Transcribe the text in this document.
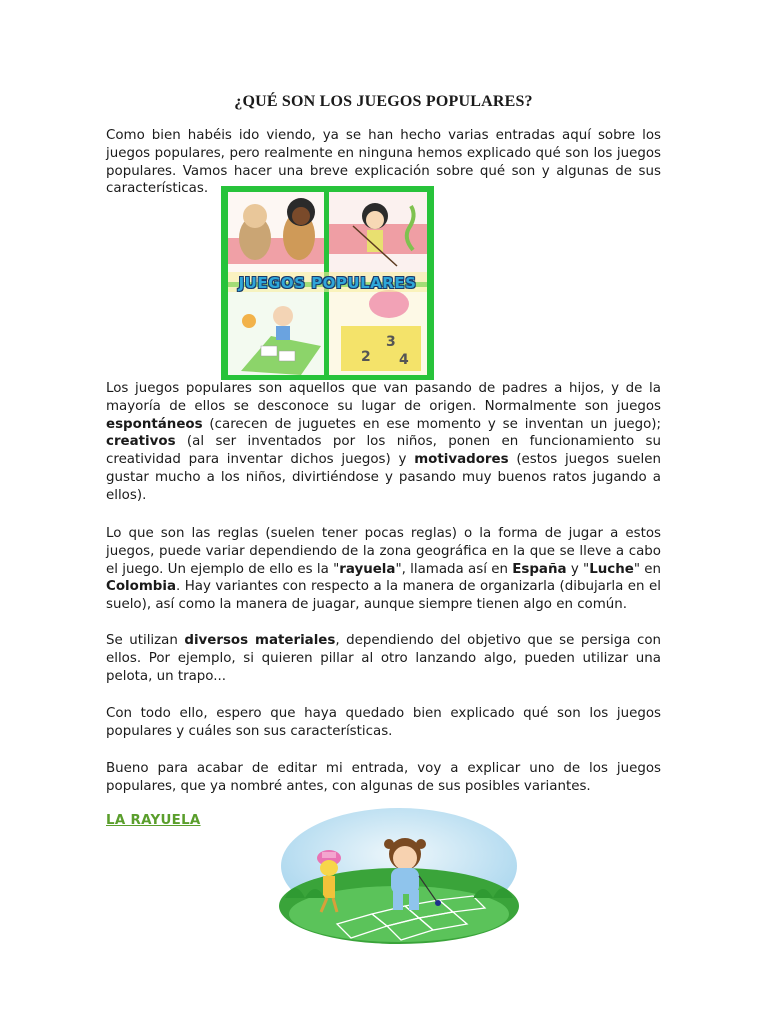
¿QUÉ SON LOS JUEGOS POPULARES?

Como bien habéis ido viendo, ya se han hecho varias entradas aquí sobre los juegos populares, pero realmente en ninguna hemos explicado qué son los juegos populares. Vamos hacer una breve explicación sobre qué son y algunas de sus características.

Los juegos populares son aquellos que van pasando de padres a hijos, y de la mayoría de ellos se desconoce su lugar de origen. Normalmente son juegos espontáneos (carecen de juguetes en ese momento y se inventan un juego); creativos (al ser inventados por los niños, ponen en funcionamiento su creatividad para inventar dichos juegos) y motivadores (estos juegos suelen gustar mucho a los niños, divirtiéndose y pasando muy buenos ratos jugando a ellos).

Lo que son las reglas (suelen tener pocas reglas) o la forma de jugar a estos juegos, puede variar dependiendo de la zona geográfica en la que se lleve a cabo el juego. Un ejemplo de ello es la "rayuela", llamada así en España y "Luche" en Colombia. Hay variantes con respecto a la manera de organizarla (dibujarla en el suelo), así como la manera de juagar, aunque siempre tienen algo en común.

Se utilizan diversos materiales, dependiendo del objetivo que se persiga con ellos. Por ejemplo, si quieren pillar al otro lanzando algo, pueden utilizar una pelota, un trapo...

Con todo ello, espero que haya quedado bien explicado qué son los juegos populares y cuáles son sus características.

Bueno para acabar de editar mi entrada, voy a explicar uno de los juegos populares, que ya nombré antes, con algunas de sus posibles variantes.

LA RAYUELA
2
3
4
JUEGOS POPULARES
